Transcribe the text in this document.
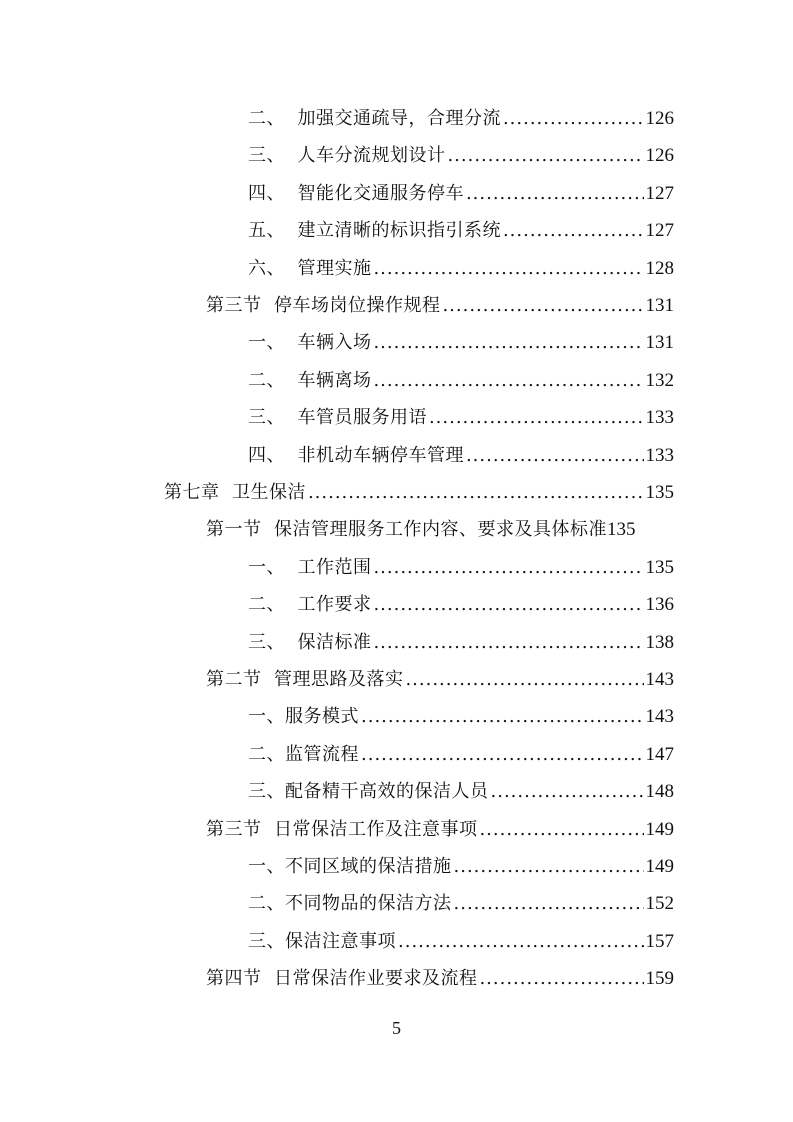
二、  加强交通疏导，合理分流 .....	126
三、  人车分流规划设计 .....	126
四、  智能化交通服务停车 .....	127
五、  建立清晰的标识指引系统 .....	127
六、  管理实施 .....	128
第三节  停车场岗位操作规程 .....	131
一、  车辆入场 .....	131
二、  车辆离场 .....	132
三、  车管员服务用语 .....	133
四、  非机动车辆停车管理 .....	133
第七章  卫生保洁 .....	135
第一节  保洁管理服务工作内容、要求及具体标准 135
一、  工作范围 .....	135
二、  工作要求 .....	136
三、  保洁标准 .....	138
第二节  管理思路及落实 .....	143
一、服务模式 .....	143
二、监管流程 .....	147
三、配备精干高效的保洁人员 .....	148
第三节  日常保洁工作及注意事项 .....	149
一、不同区域的保洁措施 .....	149
二、不同物品的保洁方法 .....	152
三、保洁注意事项 .....	157
第四节  日常保洁作业要求及流程 .....	159
5
